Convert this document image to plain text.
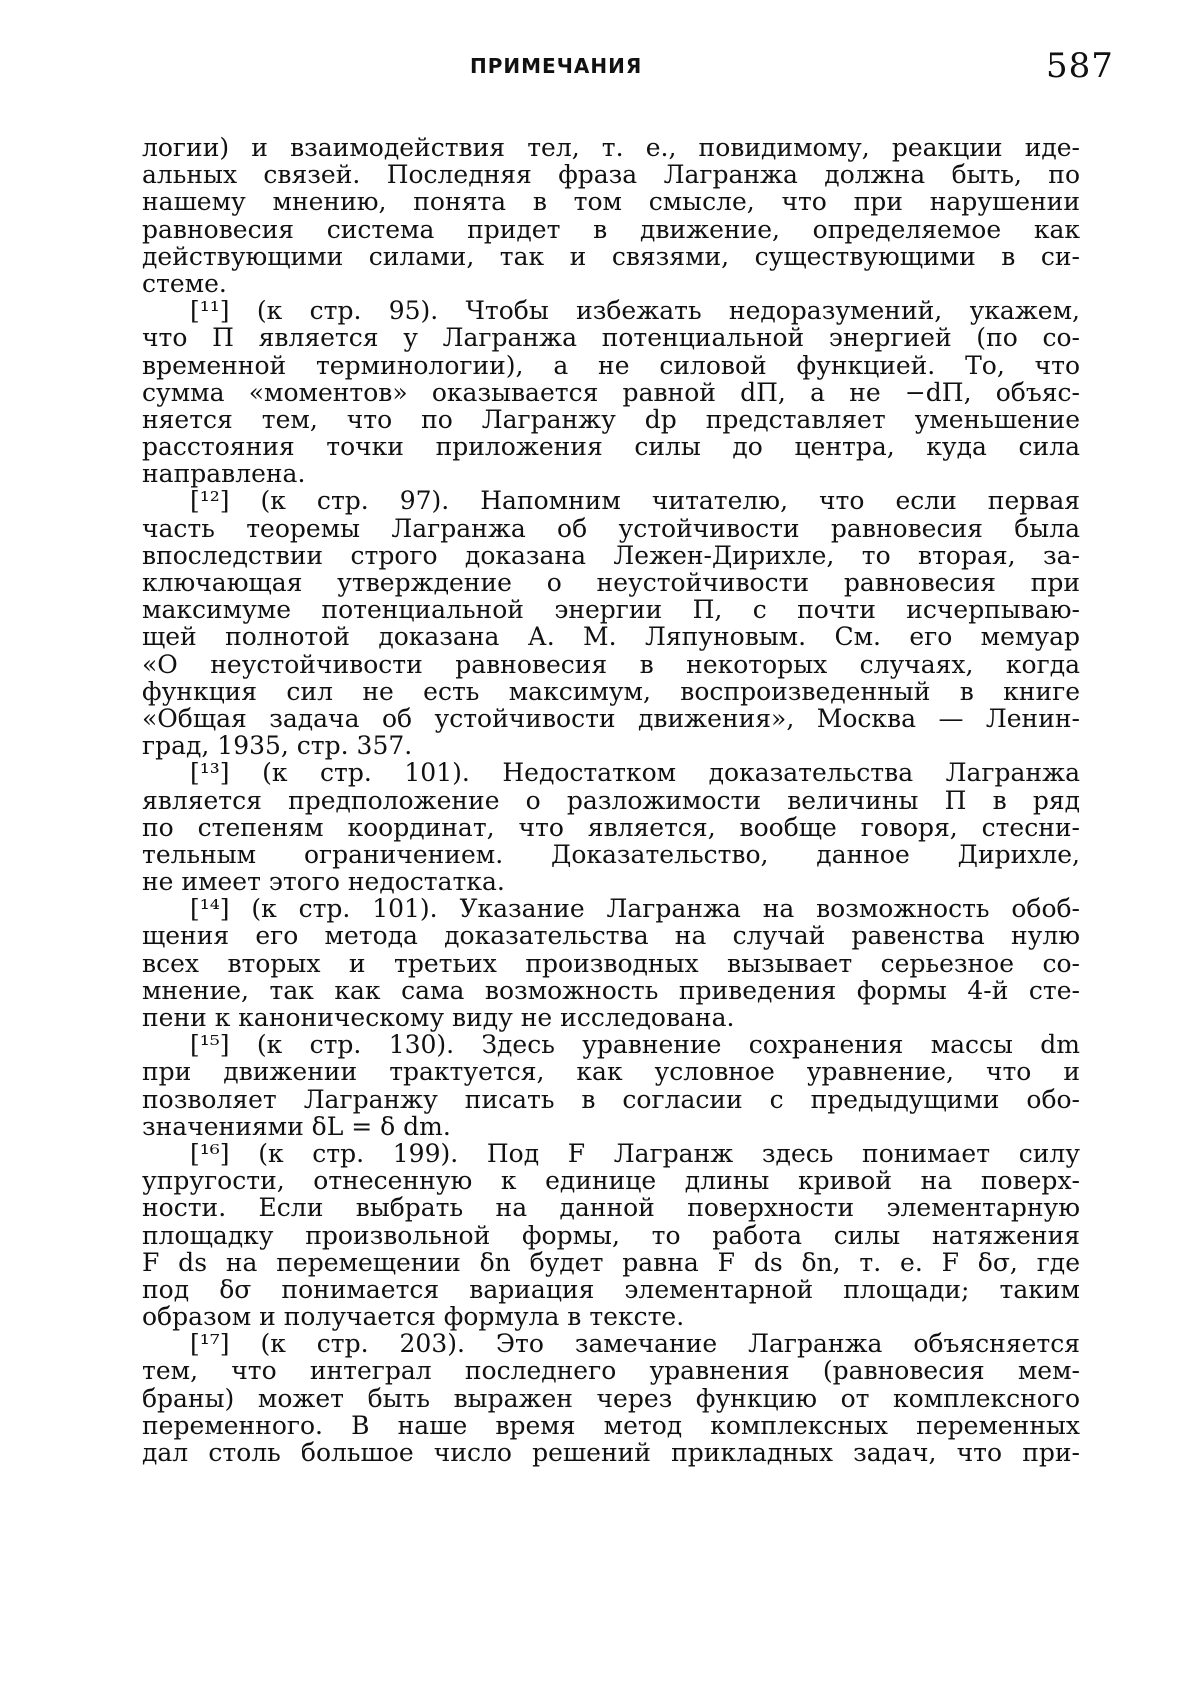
ПРИМЕЧАНИЯ	587
логии) и взаимодействия тел, т. е., повидимому, реакции иде-
альных связей. Последняя фраза Лагранжа должна быть, по
нашему мнению, понята в том смысле, что при нарушении
равновесия система придет в движение, определяемое как
действующими силами, так и связями, существующими в си-
стеме.
[¹¹] (к стр. 95). Чтобы избежать недоразумений, укажем,
что П является у Лагранжа потенциальной энергией (по со-
временной терминологии), а не силовой функцией. То, что
сумма «моментов» оказывается равной dП, а не −dП, объяс-
няется тем, что по Лагранжу dp представляет уменьшение
расстояния точки приложения силы до центра, куда сила
направлена.
[¹²] (к стр. 97). Напомним читателю, что если первая
часть теоремы Лагранжа об устойчивости равновесия была
впоследствии строго доказана Лежен-Дирихле, то вторая, за-
ключающая утверждение о неустойчивости равновесия при
максимуме потенциальной энергии П, с почти исчерпываю-
щей полнотой доказана А. М. Ляпуновым. См. его мемуар
«О неустойчивости равновесия в некоторых случаях, когда
функция сил не есть максимум, воспроизведенный в книге
«Общая задача об устойчивости движения», Москва — Ленин-
град, 1935, стр. 357.
[¹³] (к стр. 101). Недостатком доказательства Лагранжа
является предположение о разложимости величины П в ряд
по степеням координат, что является, вообще говоря, стесни-
тельным ограничением. Доказательство, данное Дирихле,
не имеет этого недостатка.
[¹⁴] (к стр. 101). Указание Лагранжа на возможность обоб-
щения его метода доказательства на случай равенства нулю
всех вторых и третьих производных вызывает серьезное со-
мнение, так как сама возможность приведения формы 4-й сте-
пени к каноническому виду не исследована.
[¹⁵] (к стр. 130). Здесь уравнение сохранения массы dm
при движении трактуется, как условное уравнение, что и
позволяет Лагранжу писать в согласии с предыдущими обо-
значениями δL = δ dm.
[¹⁶] (к стр. 199). Под F Лагранж здесь понимает силу
упругости, отнесенную к единице длины кривой на поверх-
ности. Если выбрать на данной поверхности элементарную
площадку произвольной формы, то работа силы натяжения
F ds на перемещении δn будет равна F ds δn, т. е. F δσ, где
под δσ понимается вариация элементарной площади; таким
образом и получается формула в тексте.
[¹⁷] (к стр. 203). Это замечание Лагранжа объясняется
тем, что интеграл последнего уравнения (равновесия мем-
браны) может быть выражен через функцию от комплексного
переменного. В наше время метод комплексных переменных
дал столь большое число решений прикладных задач, что при-
